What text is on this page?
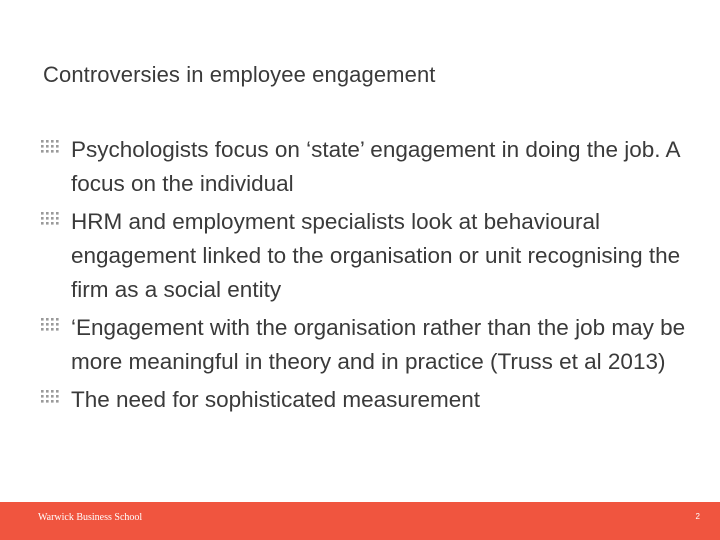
Controversies in employee engagement
Psychologists focus on ‘state’ engagement in doing the job. A focus on the individual
HRM and employment specialists look at behavioural engagement linked to the organisation or unit recognising the firm as a social entity
‘Engagement with the organisation rather than the job may be more meaningful in theory and in practice (Truss et al 2013)
The need for sophisticated measurement
Warwick Business School	2
